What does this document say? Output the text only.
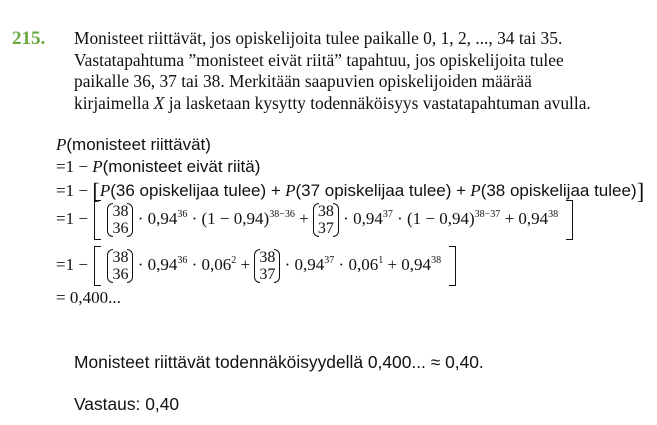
215. Monisteet riittävät, jos opiskelijoita tulee paikalle 0, 1, 2, ..., 34 tai 35.
Vastatapahtuma ”monisteet eivät riitä” tapahtuu, jos opiskelijoita tulee
paikalle 36, 37 tai 38. Merkitään saapuvien opiskelijoiden määrää
kirjaimella X ja lasketaan kysytty todennäköisyys vastatapahtuman avulla.
P(monisteet riittävät)
=1 − P(monisteet eivät riitä)
=1 − [P(36 opiskelijaa tulee) + P(37 opiskelijaa tulee) + P(38 opiskelijaa tulee)]
=1 − 38
36
· $0,94^{36} \cdot (1 - 0,94)^{38-36} + 38$
37
· $0,94^{37} \cdot (1 - 0,94)^{38-37} + 0,94^{38}$
=1 − 38
36
· $0,94^{36} \cdot 0,06^2 + 38$
37
· $0,94^{37} \cdot 0,06^1 + 0,94^{38}$
= 0,400...
Monisteet riittävät todennäköisyydellä 0,400... ≈ 0,40.
Vastaus: 0,40
